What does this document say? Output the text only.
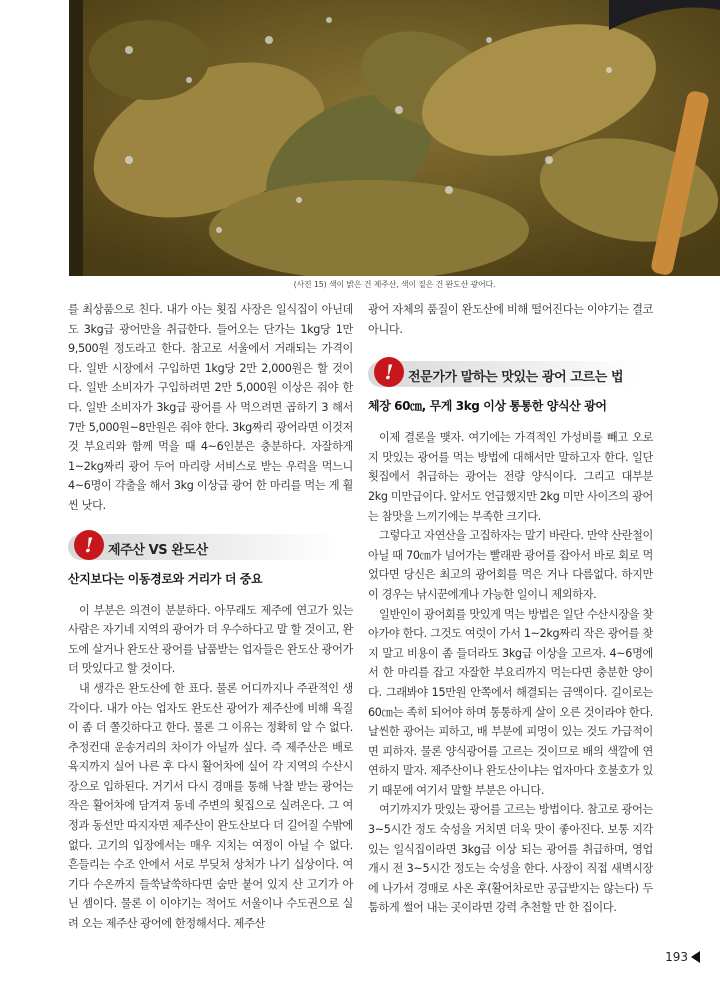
(사진 15) 색이 밝은 건 제주산, 색이 짙은 건 완도산 광어다.

를 최상품으로 친다. 내가 아는 횟집 사장은 일식집이 아닌데도 3kg급 광어만을 취급한다. 들어오는 단가는 1kg당 1만 9,500원 정도라고 한다. 참고로 서울에서 거래되는 가격이다. 일반 시장에서 구입하면 1kg당 2만 2,000원은 할 것이다. 일반 소비자가 구입하려면 2만 5,000원 이상은 줘야 한다. 일반 소비자가 3kg급 광어를 사 먹으려면 곱하기 3 해서 7만 5,000원~8만원은 줘야 한다. 3kg짜리 광어라면 이것저것 부요리와 함께 먹을 때 4~6인분은 충분하다. 자잘하게 1~2kg짜리 광어 두어 마리랑 서비스로 받는 우럭을 먹느니 4~6명이 갹출을 해서 3kg 이상급 광어 한 마리를 먹는 게 훨씬 낫다.

!	제주산 VS 완도산
산지보다는 이동경로와 거리가 더 중요

이 부분은 의견이 분분하다. 아무래도 제주에 연고가 있는 사람은 자기네 지역의 광어가 더 우수하다고 말 할 것이고, 완도에 살거나 완도산 광어를 납품받는 업자들은 완도산 광어가 더 맛있다고 할 것이다.

내 생각은 완도산에 한 표다. 물론 어디까지나 주관적인 생각이다. 내가 아는 업자도 완도산 광어가 제주산에 비해 육질이 좀 더 쫄깃하다고 한다. 물론 그 이유는 정확히 알 수 없다. 추정컨대 운송거리의 차이가 아닐까 싶다. 즉 제주산은 배로 육지까지 실어 나른 후 다시 활어차에 실어 각 지역의 수산시장으로 입하된다. 거기서 다시 경매를 통해 낙찰 받는 광어는 작은 활어차에 담겨져 동네 주변의 횟집으로 실려온다. 그 여정과 동선만 따지자면 제주산이 완도산보다 더 길어질 수밖에 없다. 고기의 입장에서는 매우 지치는 여정이 아닐 수 없다. 흔들리는 수조 안에서 서로 부딪쳐 상처가 나기 십상이다. 여기다 수온까지 들쑥날쑥하다면 숨만 붙어 있지 산 고기가 아닌 셈이다. 물론 이 이야기는 적어도 서울이나 수도권으로 실려 오는 제주산 광어에 한정해서다. 제주산

광어 자체의 품질이 완도산에 비해 떨어진다는 이야기는 결코 아니다.

!	전문가가 말하는 맛있는 광어 고르는 법
체장 60㎝, 무게 3kg 이상 통통한 양식산 광어

이제 결론을 맺자. 여기에는 가격적인 가성비를 빼고 오로지 맛있는 광어를 먹는 방법에 대해서만 말하고자 한다. 일단 횟집에서 취급하는 광어는 전량 양식이다. 그리고 대부분 2kg 미만급이다. 앞서도 언급했지만 2kg 미만 사이즈의 광어는 참맛을 느끼기에는 부족한 크기다.

그렇다고 자연산을 고집하자는 말기 바란다. 만약 산란철이 아닐 때 70㎝가 넘어가는 빨래판 광어를 잡아서 바로 회로 먹었다면 당신은 최고의 광어회를 먹은 거나 다름없다. 하지만 이 경우는 낚시꾼에게나 가능한 일이니 제외하자.

일반인이 광어회를 맛있게 먹는 방법은 일단 수산시장을 찾아가야 한다. 그것도 여럿이 가서 1~2kg짜리 작은 광어를 찾지 말고 비용이 좀 들더라도 3kg급 이상을 고르자. 4~6명에서 한 마리를 잡고 자잘한 부요리까지 먹는다면 충분한 양이다. 그래봐야 15만원 안쪽에서 해결되는 금액이다. 길이로는 60㎝는 족히 되어야 하며 통통하게 살이 오른 것이라야 한다. 날씬한 광어는 피하고, 배 부분에 피멍이 있는 것도 가급적이면 피하자. 물론 양식광어를 고르는 것이므로 배의 색깔에 연연하지 말자. 제주산이나 완도산이냐는 업자마다 호불호가 있기 때문에 여기서 말할 부분은 아니다.

여기까지가 맛있는 광어를 고르는 방법이다. 참고로 광어는 3~5시간 정도 숙성을 거치면 더욱 맛이 좋아진다. 보통 지각 있는 일식집이라면 3kg급 이상 되는 광어를 취급하며, 영업 개시 전 3~5시간 정도는 숙성을 한다. 사장이 직접 새벽시장에 나가서 경매로 사온 후(활어차로만 공급받지는 않는다) 두툼하게 썰어 내는 곳이라면 강력 추천할 만 한 집이다.

193
